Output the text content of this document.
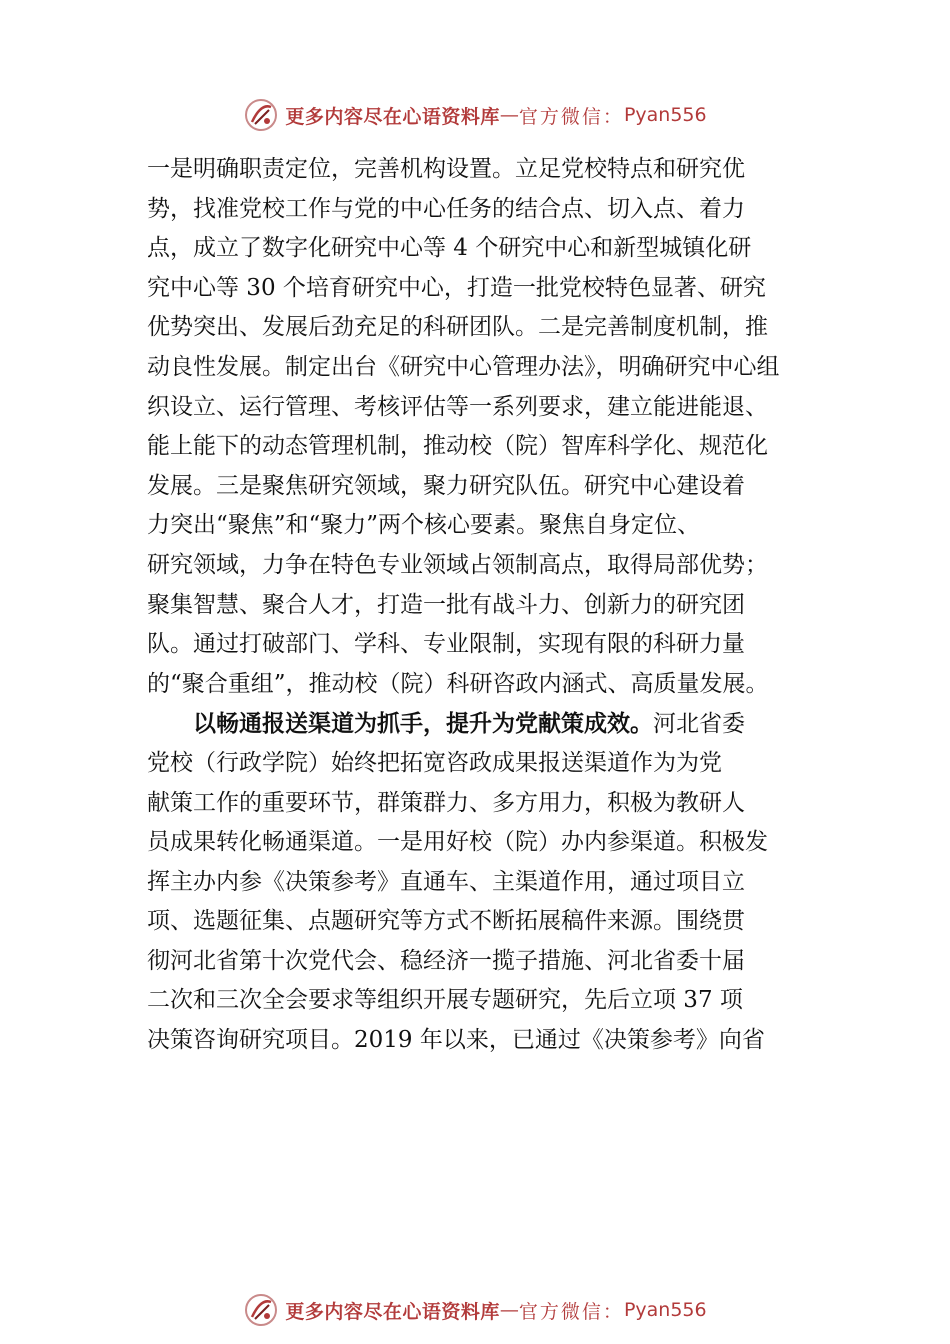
更多内容尽在心语资料库 — 官方微信： Pyan556
一是明确职责定位，完善机构设置。立足党校特点和研究优
势，找准党校工作与党的中心任务的结合点、切入点、着力
点，成立了数字化研究中心等 4 个研究中心和新型城镇化研
究中心等 30 个培育研究中心，打造一批党校特色显著、研究
优势突出、发展后劲充足的科研团队。二是完善制度机制，推
动良性发展。制定出台《研究中心管理办法》，明确研究中心组
织设立、运行管理、考核评估等一系列要求，建立能进能退、
能上能下的动态管理机制，推动校（院）智库科学化、规范化
发展。三是聚焦研究领域，聚力研究队伍。研究中心建设着
力突出“聚焦”和“聚力”两个核心要素。聚焦自身定位、
研究领域，力争在特色专业领域占领制高点，取得局部优势；
聚集智慧、聚合人才，打造一批有战斗力、创新力的研究团
队。通过打破部门、学科、专业限制，实现有限的科研力量
的“聚合重组”，推动校（院）科研咨政内涵式、高质量发展。
以畅通报送渠道为抓手，提升为党献策成效。河北省委
党校（行政学院）始终把拓宽咨政成果报送渠道作为为党
献策工作的重要环节，群策群力、多方用力，积极为教研人
员成果转化畅通渠道。一是用好校（院）办内参渠道。积极发
挥主办内参《决策参考》直通车、主渠道作用，通过项目立
项、选题征集、点题研究等方式不断拓展稿件来源。围绕贯
彻河北省第十次党代会、稳经济一揽子措施、河北省委十届
二次和三次全会要求等组织开展专题研究，先后立项 37 项
决策咨询研究项目。2019 年以来，已通过《决策参考》向省
更多内容尽在心语资料库 — 官方微信： Pyan556
